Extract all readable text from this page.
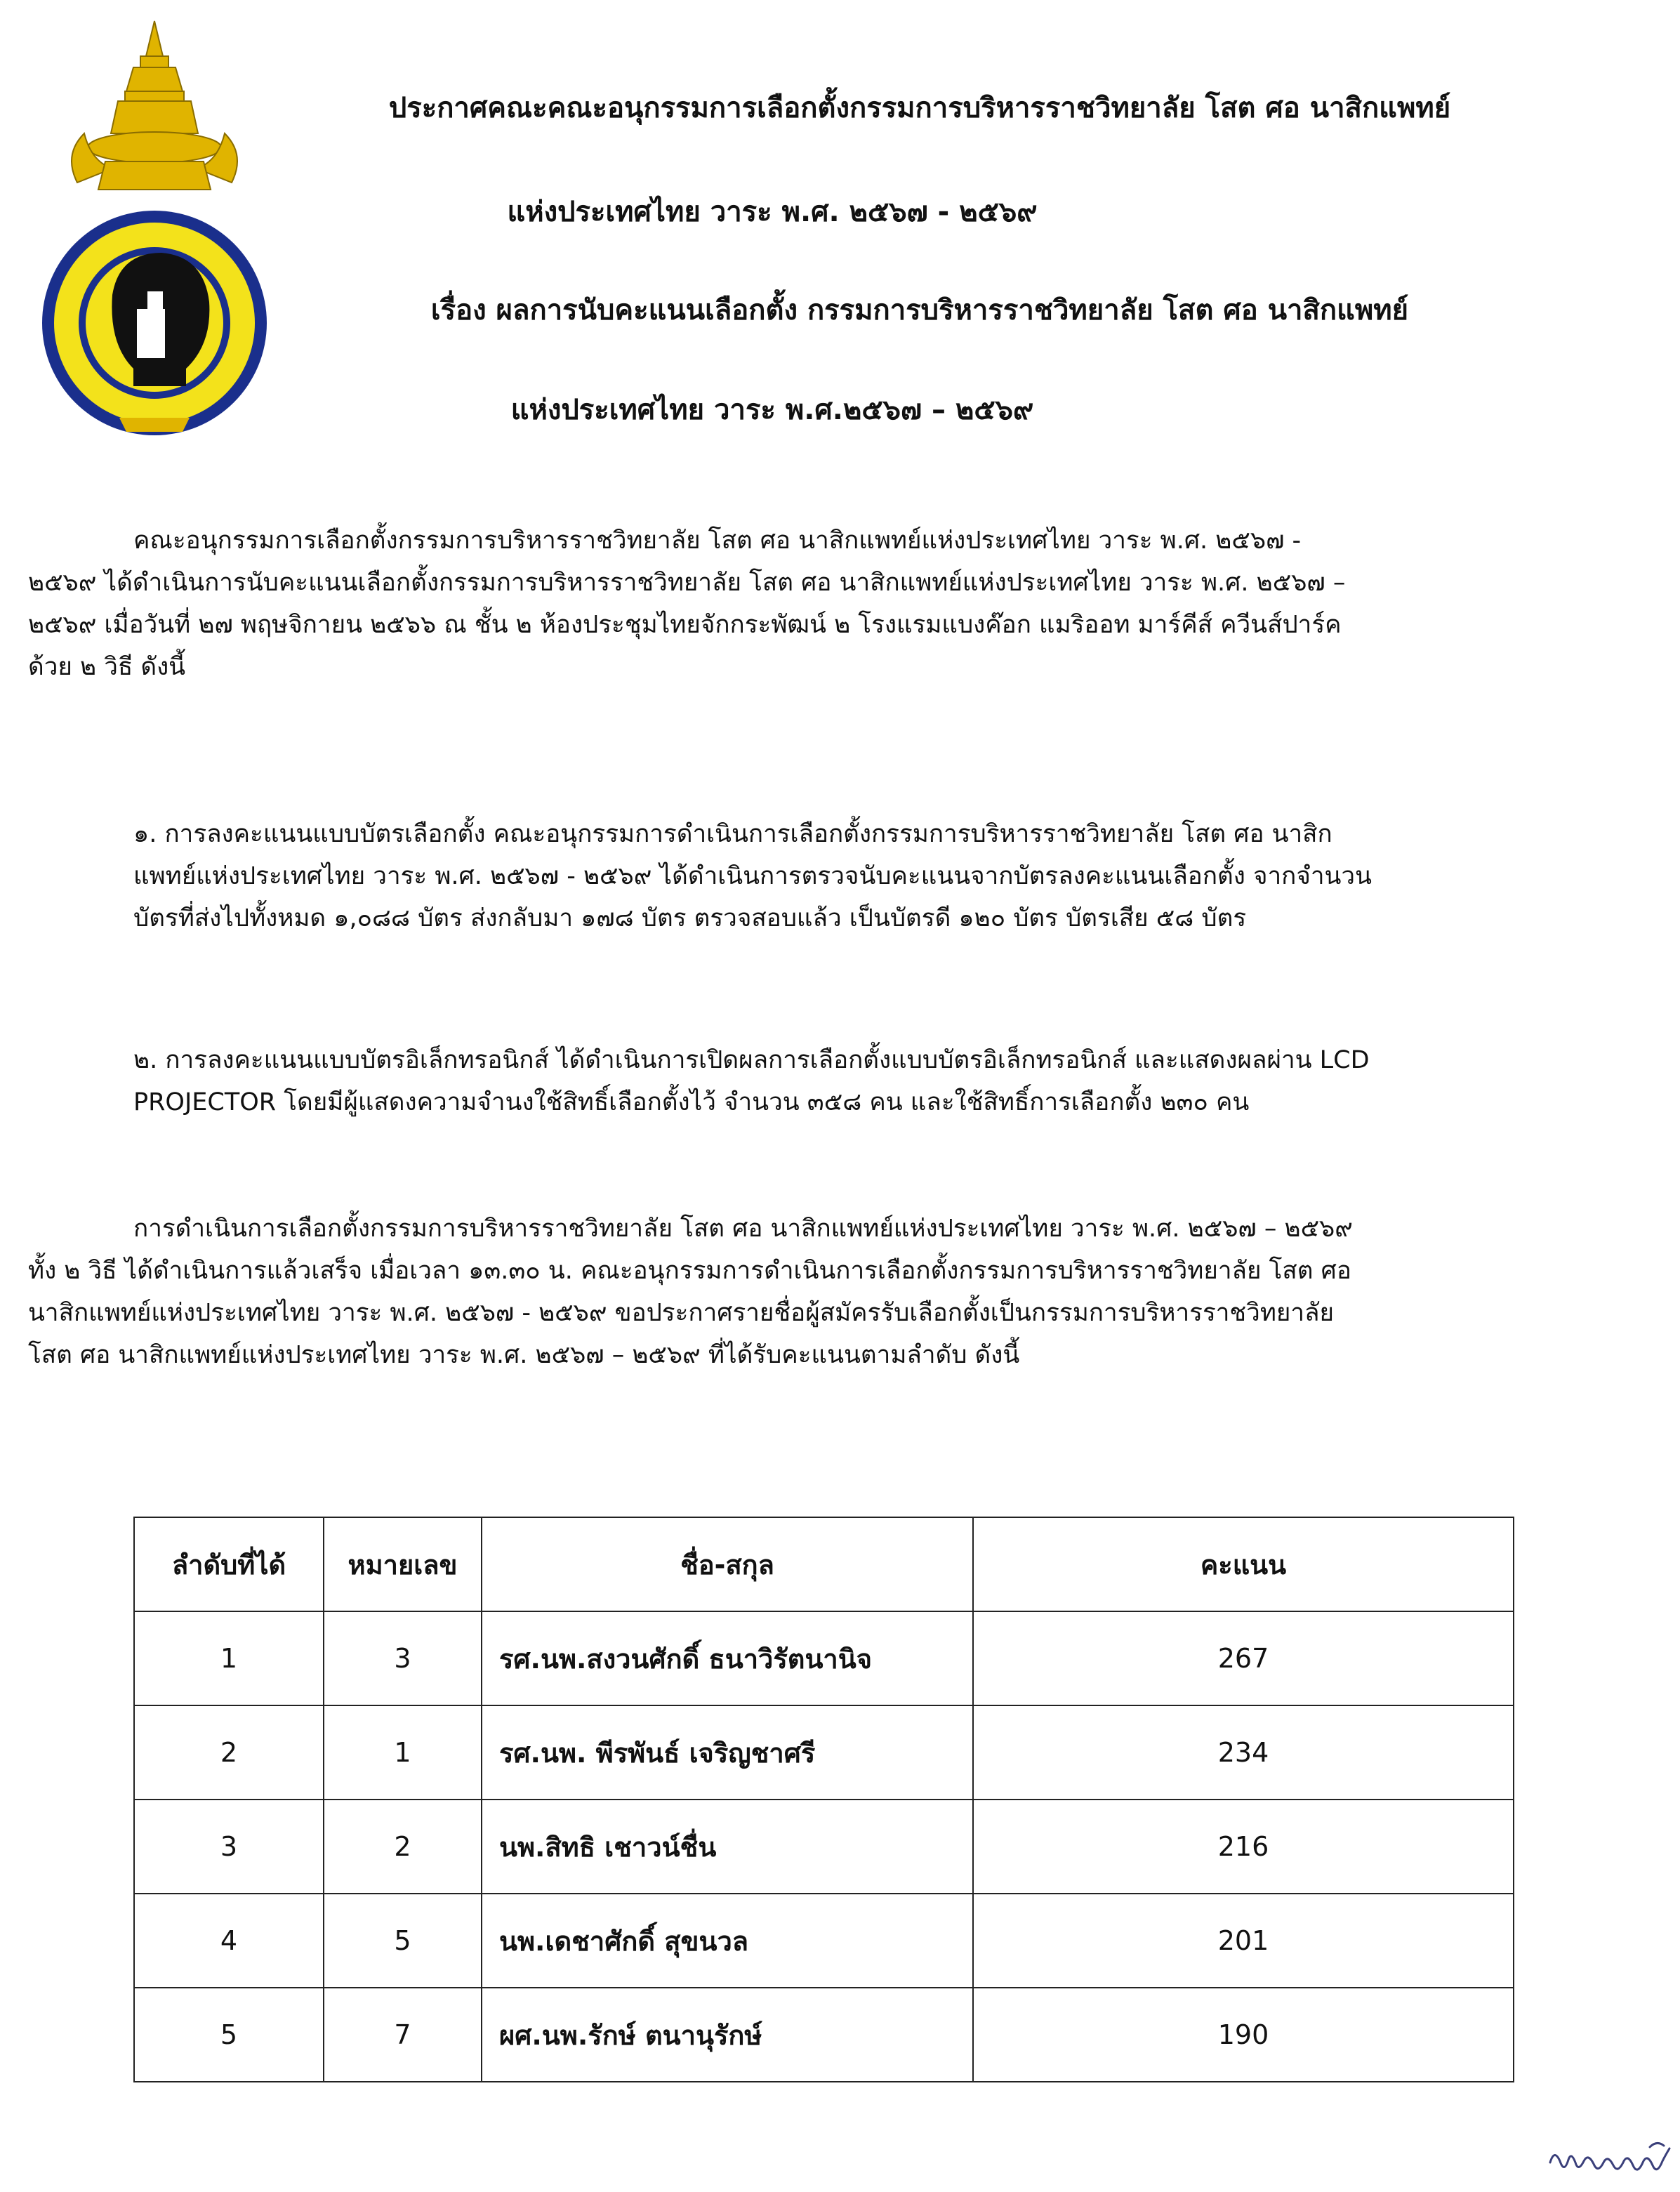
ประกาศคณะคณะอนุกรรมการเลือกตั้งกรรมการบริหารราชวิทยาลัย โสต ศอ นาสิกแพทย์
แห่งประเทศไทย วาระ พ.ศ. ๒๕๖๗ - ๒๕๖๙
เรื่อง ผลการนับคะแนนเลือกตั้ง กรรมการบริหารราชวิทยาลัย โสต ศอ นาสิกแพทย์
แห่งประเทศไทย วาระ พ.ศ.๒๕๖๗ – ๒๕๖๙
คณะอนุกรรมการเลือกตั้งกรรมการบริหารราชวิทยาลัย โสต ศอ นาสิกแพทย์แห่งประเทศไทย วาระ พ.ศ. ๒๕๖๗ -
๒๕๖๙ ได้ดำเนินการนับคะแนนเลือกตั้งกรรมการบริหารราชวิทยาลัย โสต ศอ นาสิกแพทย์แห่งประเทศไทย วาระ พ.ศ. ๒๕๖๗ –
๒๕๖๙ เมื่อวันที่ ๒๗ พฤษจิกายน ๒๕๖๖ ณ ชั้น ๒ ห้องประชุมไทยจักกระพัฒน์ ๒ โรงแรมแบงค๊อก แมริออท มาร์คีส์ ควีนส์ปาร์ค
ด้วย ๒ วิธี ดังนี้
๑. การลงคะแนนแบบบัตรเลือกตั้ง คณะอนุกรรมการดำเนินการเลือกตั้งกรรมการบริหารราชวิทยาลัย โสต ศอ นาสิก
แพทย์แห่งประเทศไทย วาระ พ.ศ. ๒๕๖๗ - ๒๕๖๙ ได้ดำเนินการตรวจนับคะแนนจากบัตรลงคะแนนเลือกตั้ง จากจำนวน
บัตรที่ส่งไปทั้งหมด ๑,๐๘๘ บัตร ส่งกลับมา ๑๗๘ บัตร ตรวจสอบแล้ว เป็นบัตรดี ๑๒๐ บัตร บัตรเสีย ๕๘ บัตร
๒. การลงคะแนนแบบบัตรอิเล็กทรอนิกส์ ได้ดำเนินการเปิดผลการเลือกตั้งแบบบัตรอิเล็กทรอนิกส์ และแสดงผลผ่าน LCD
PROJECTOR โดยมีผู้แสดงความจำนงใช้สิทธิ์เลือกตั้งไว้ จำนวน ๓๕๘ คน และใช้สิทธิ์การเลือกตั้ง ๒๓๐ คน
การดำเนินการเลือกตั้งกรรมการบริหารราชวิทยาลัย โสต ศอ นาสิกแพทย์แห่งประเทศไทย วาระ พ.ศ. ๒๕๖๗ – ๒๕๖๙
ทั้ง ๒ วิธี ได้ดำเนินการแล้วเสร็จ เมื่อเวลา ๑๓.๓๐ น. คณะอนุกรรมการดำเนินการเลือกตั้งกรรมการบริหารราชวิทยาลัย โสต ศอ
นาสิกแพทย์แห่งประเทศไทย วาระ พ.ศ. ๒๕๖๗ - ๒๕๖๙ ขอประกาศรายชื่อผู้สมัครรับเลือกตั้งเป็นกรรมการบริหารราชวิทยาลัย
โสต ศอ นาสิกแพทย์แห่งประเทศไทย วาระ พ.ศ. ๒๕๖๗ – ๒๕๖๙ ที่ได้รับคะแนนตามลำดับ ดังนี้
ลำดับที่ได้	หมายเลข	ชื่อ-สกุล	คะแนน
1	3	รศ.นพ.สงวนศักดิ์ ธนาวิรัตนานิจ	267
2	1	รศ.นพ. พีรพันธ์ เจริญชาศรี	234
3	2	นพ.สิทธิ เชาวน์ชื่น	216
4	5	นพ.เดชาศักดิ์ สุขนวล	201
5	7	ผศ.นพ.รักษ์ ตนานุรักษ์	190
